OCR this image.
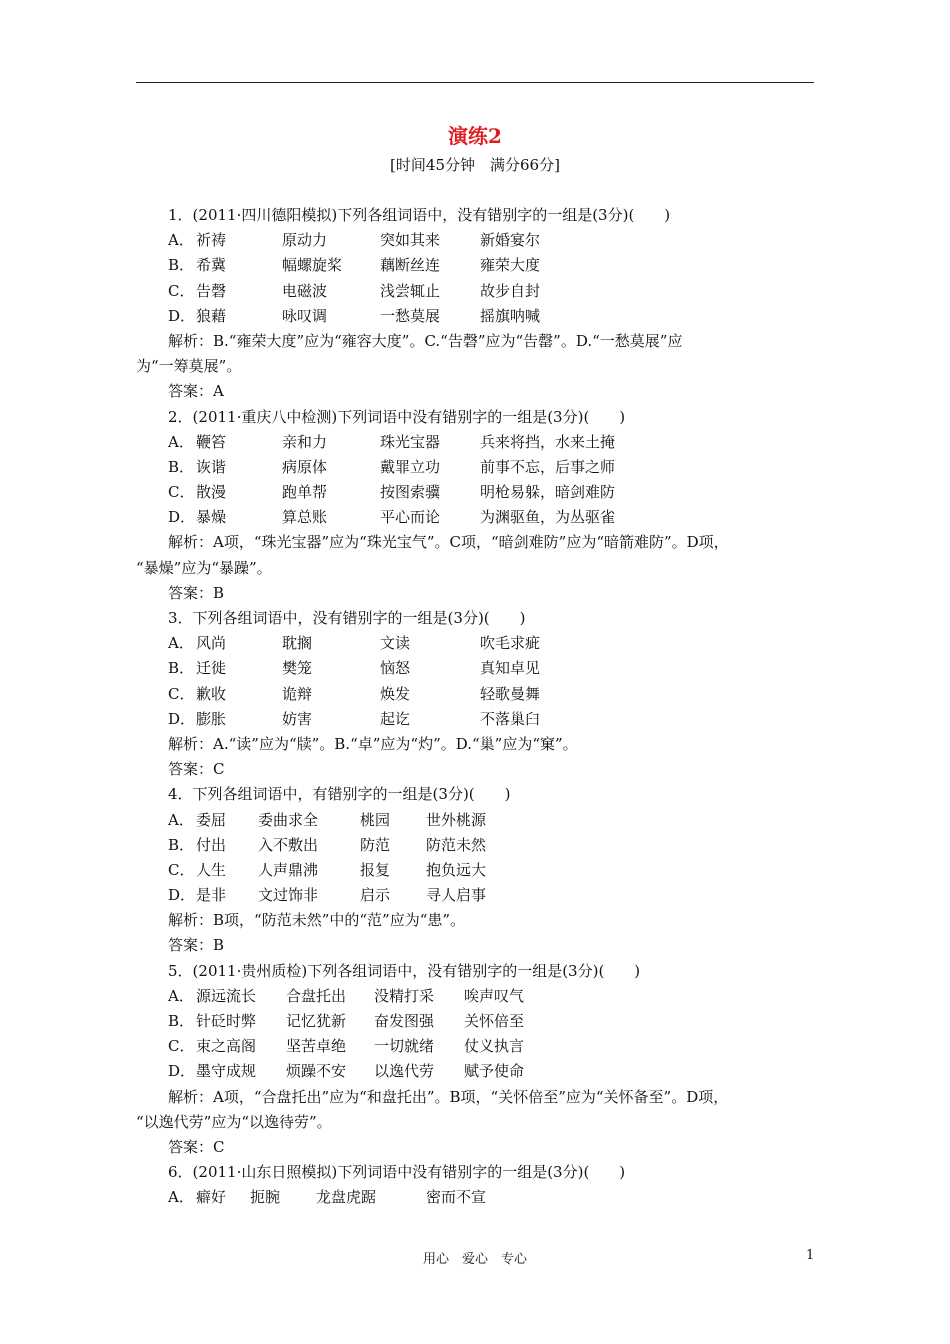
演练2
[时间45分钟　满分66分]
1．(2011·四川德阳模拟)下列各组词语中，没有错别字的一组是(3分)(　　)
A． 祈祷	原动力	突如其来	新婚宴尔
B． 希冀	幅螺旋桨	藕断丝连	雍荣大度
C． 告磬	电磁波	浅尝辄止	故步自封
D． 狼藉	咏叹调	一愁莫展	摇旗呐喊
解析：B.“雍荣大度”应为“雍容大度”。C.“告磬”应为“告罄”。D.“一愁莫展”应
为“一筹莫展”。
答案：A
2．(2011·重庆八中检测)下列词语中没有错别字的一组是(3分)(　　)
A． 鞭笞	亲和力	珠光宝器	兵来将挡，水来土掩
B． 诙谐	病原体	戴罪立功	前事不忘，后事之师
C． 散漫	跑单帮	按图索骥	明枪易躲，暗剑难防
D． 暴燥	算总账	平心而论	为渊驱鱼，为丛驱雀
解析：A项，“珠光宝器”应为“珠光宝气”。C项，“暗剑难防”应为“暗箭难防”。D项，
“暴燥”应为“暴躁”。
答案：B
3．下列各组词语中，没有错别字的一组是(3分)(　　)
A． 风尚	耽搁	文读	吹毛求疵
B． 迁徙	樊笼	恼怒	真知卓见
C． 歉收	诡辩	焕发	轻歌曼舞
D． 膨胀	妨害	起讫	不落巢臼
解析：A.“读”应为“牍”。B.“卓”应为“灼”。D.“巢”应为“窠”。
答案：C
4．下列各组词语中，有错别字的一组是(3分)(　　)
A． 委屈	委曲求全	桃园	世外桃源
B． 付出	入不敷出	防范	防范未然
C． 人生	人声鼎沸	报复	抱负远大
D． 是非	文过饰非	启示	寻人启事
解析：B项，“防范未然”中的“范”应为“患”。
答案：B
5．(2011·贵州质检)下列各组词语中，没有错别字的一组是(3分)(　　)
A． 源远流长	合盘托出	没精打采	唉声叹气
B． 针砭时弊	记忆犹新	奋发图强	关怀倍至
C． 束之高阁	坚苦卓绝	一切就绪	仗义执言
D． 墨守成规	烦躁不安	以逸代劳	赋予使命
解析：A项，“合盘托出”应为“和盘托出”。B项，“关怀倍至”应为“关怀备至”。D项，
“以逸代劳”应为“以逸待劳”。
答案：C
6．(2011·山东日照模拟)下列词语中没有错别字的一组是(3分)(　　)
A． 癖好	扼腕	龙盘虎踞	密而不宣
用心　爱心　专心	1
